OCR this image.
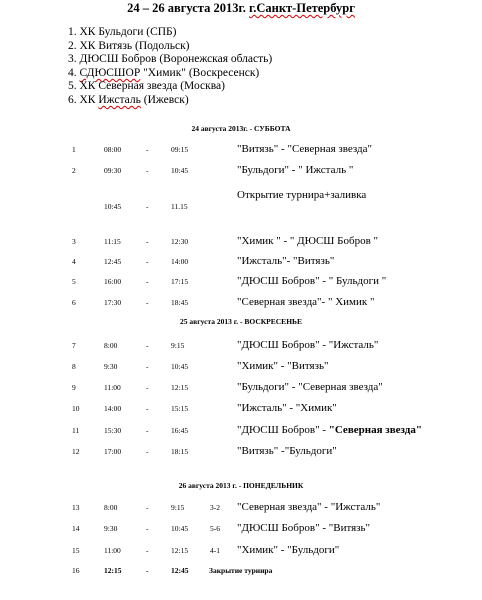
24 – 26 августа 2013г. г.Санкт-Петербург
1. ХК Бульдоги (СПБ)
2. ХК Витязь (Подольск)
3. ДЮСШ Бобров (Воронежская область)
4. СДЮСШОР "Химик" (Воскресенск)
5. ХК Северная звезда (Москва)
6. ХК Ижсталь (Ижевск)
24 августа 2013г. - СУББОТА
1	08:00	-	09:15	"Витязь" - "Северная звезда"
2	09:30	-	10:45	"Бульдоги" - " Ижсталь "
Открытие турнира+заливка
10:45	-	11.15
3	11:15	-	12:30	"Химик " - " ДЮСШ Бобров "
4	12:45	-	14:00	"Ижсталь"- "Витязь"
5	16:00	-	17:15	"ДЮСШ Бобров" - " Бульдоги "
6	17:30	-	18:45	"Северная звезда"- " Химик "
25 августа 2013 г. - ВОСКРЕСЕНЬЕ
7	8:00	-	9:15	"ДЮСШ Бобров" - "Ижсталь"
8	9:30	-	10:45	"Химик" - "Витязь"
9	11:00	-	12:15	"Бульдоги" - "Северная звезда"
10	14:00	-	15:15	"Ижсталь" - "Химик"
11	15:30	-	16:45	"ДЮСШ Бобров" - "Северная звезда"
12	17:00	-	18:15	"Витязь" -"Бульдоги"
26 августа 2013 г. - ПОНЕДЕЛЬНИК
13	8:00	-	9:15	3-2 "Северная звезда" - "Ижсталь"
14	9:30	-	10:45	5-6 "ДЮСШ Бобров" - "Витязь"
15	11:00	-	12:15	4-1 "Химик" - "Бульдоги"
16	12:15	-	12:45	Закрытие турнира
